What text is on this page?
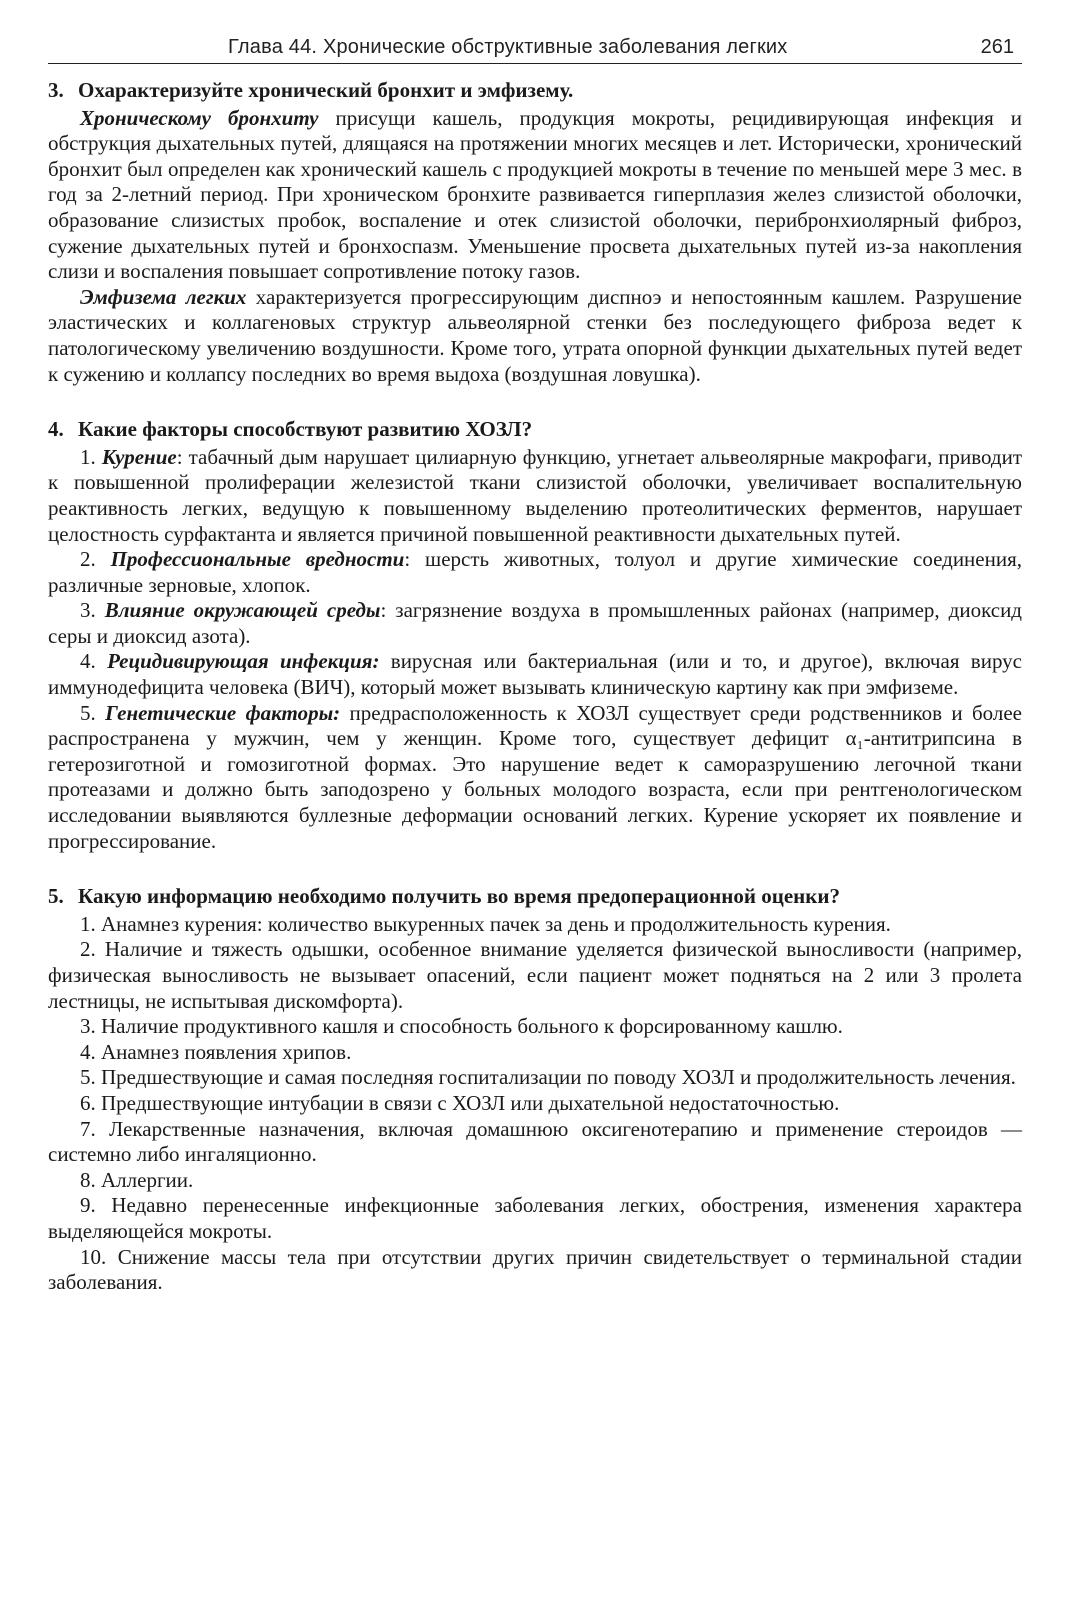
Глава 44. Хронические обструктивные заболевания легких	261
3. Охарактеризуйте хронический бронхит и эмфизему.

Хроническому бронхиту присущи кашель, продукция мокроты, рецидивирующая инфекция и обструкция дыхательных путей, длящаяся на протяжении многих месяцев и лет. Исторически, хронический бронхит был определен как хронический кашель с продукцией мокроты в течение по меньшей мере 3 мес. в год за 2-летний период. При хроническом бронхите развивается гиперплазия желез слизистой оболочки, образование слизистых пробок, воспаление и отек слизистой оболочки, перибронхиолярный фиброз, сужение дыхательных путей и бронхоспазм. Уменьшение просвета дыхательных путей из-за накопления слизи и воспаления повышает сопротивление потоку газов.

Эмфизема легких характеризуется прогрессирующим диспноэ и непостоянным кашлем. Разрушение эластических и коллагеновых структур альвеолярной стенки без последующего фиброза ведет к патологическому увеличению воздушности. Кроме того, утрата опорной функции дыхательных путей ведет к сужению и коллапсу последних во время выдоха (воздушная ловушка).

4. Какие факторы способствуют развитию ХОЗЛ?

1. Курение: табачный дым нарушает цилиарную функцию, угнетает альвеолярные макрофаги, приводит к повышенной пролиферации железистой ткани слизистой оболочки, увеличивает воспалительную реактивность легких, ведущую к повышенному выделению протеолитических ферментов, нарушает целостность сурфактанта и является причиной повышенной реактивности дыхательных путей.

2. Профессиональные вредности: шерсть животных, толуол и другие химические соединения, различные зерновые, хлопок.

3. Влияние окружающей среды: загрязнение воздуха в промышленных районах (например, диоксид серы и диоксид азота).

4. Рецидивирующая инфекция: вирусная или бактериальная (или и то, и другое), включая вирус иммунодефицита человека (ВИЧ), который может вызывать клиническую картину как при эмфиземе.

5. Генетические факторы: предрасположенность к ХОЗЛ существует среди родственников и более распространена у мужчин, чем у женщин. Кроме того, существует дефицит α₁-антитрипсина в гетерозиготной и гомозиготной формах. Это нарушение ведет к саморазрушению легочной ткани протеазами и должно быть заподозрено у больных молодого возраста, если при рентгенологическом исследовании выявляются буллезные деформации оснований легких. Курение ускоряет их появление и прогрессирование.

5. Какую информацию необходимо получить во время предоперационной оценки?

1. Анамнез курения: количество выкуренных пачек за день и продолжительность курения.

2. Наличие и тяжесть одышки, особенное внимание уделяется физической выносливости (например, физическая выносливость не вызывает опасений, если пациент может подняться на 2 или 3 пролета лестницы, не испытывая дискомфорта).

3. Наличие продуктивного кашля и способность больного к форсированному кашлю.

4. Анамнез появления хрипов.

5. Предшествующие и самая последняя госпитализации по поводу ХОЗЛ и продолжительность лечения.

6. Предшествующие интубации в связи с ХОЗЛ или дыхательной недостаточностью.

7. Лекарственные назначения, включая домашнюю оксигенотерапию и применение стероидов — системно либо ингаляционно.

8. Аллергии.

9. Недавно перенесенные инфекционные заболевания легких, обострения, изменения характера выделяющейся мокроты.

10. Снижение массы тела при отсутствии других причин свидетельствует о терминальной стадии заболевания.
